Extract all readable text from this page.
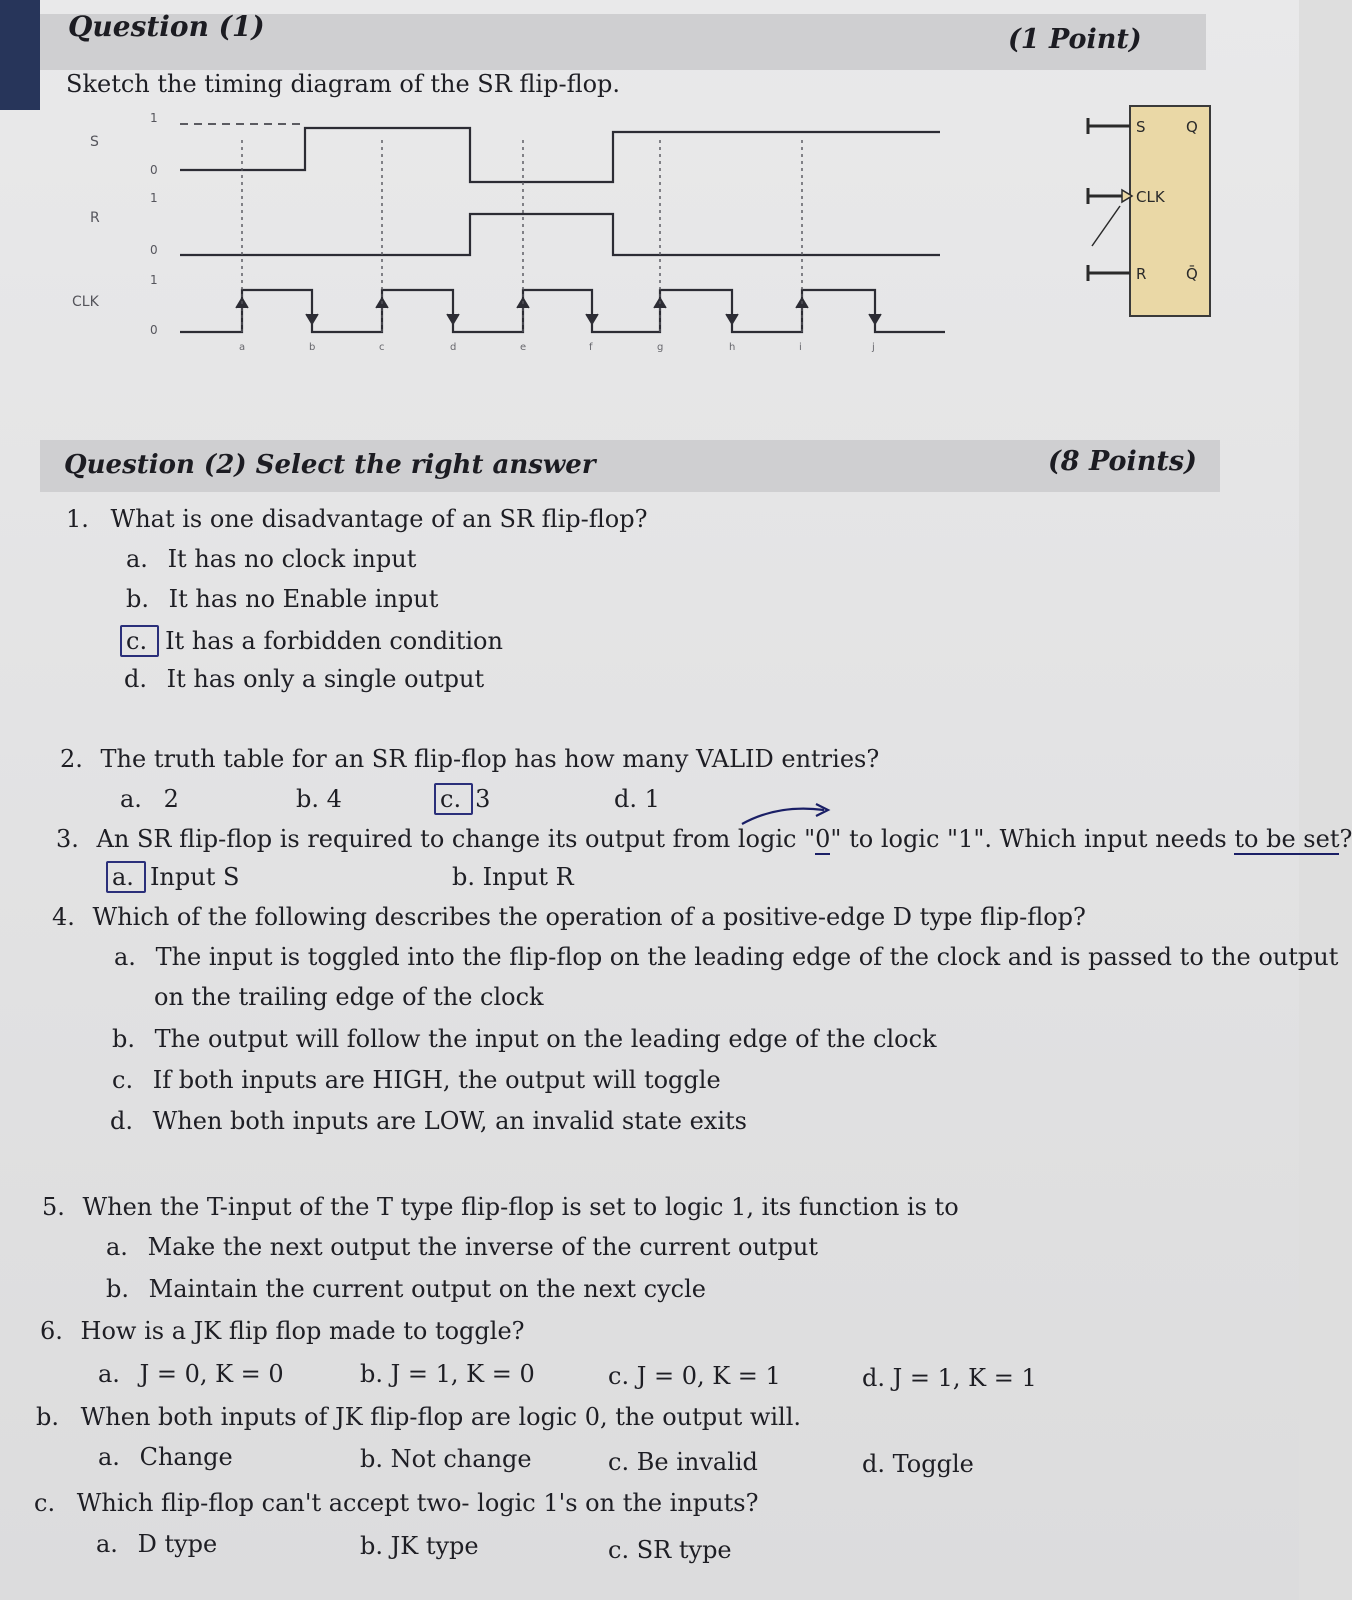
Question (1)	(1 Point)
Sketch the timing diagram of the SR flip-flop.
S
R
CLK
1
0
1
0
1
0
a	b	c	d	e	f	g	h	i	j
S	Q
CLK
R	Q̄
Question (2) Select the right answer	(8 Points)
1. What is one disadvantage of an SR flip-flop?
a. It has no clock input
b. It has no Enable input
c. It has a forbidden condition
d. It has only a single output
2. The truth table for an SR flip-flop has how many VALID entries?
a. 2	b. 4	c. 3	d. 1
3. An SR flip-flop is required to change its output from logic "0" to logic "1". Which input needs to be set?
a. Input S	b. Input R
4. Which of the following describes the operation of a positive-edge D type flip-flop?
a. The input is toggled into the flip-flop on the leading edge of the clock and is passed to the output
on the trailing edge of the clock
b. The output will follow the input on the leading edge of the clock
c. If both inputs are HIGH, the output will toggle
d. When both inputs are LOW, an invalid state exits
5. When the T-input of the T type flip-flop is set to logic 1, its function is to
a. Make the next output the inverse of the current output
b. Maintain the current output on the next cycle
6. How is a JK flip flop made to toggle?
a. J = 0, K = 0	b. J = 1, K = 0	c. J = 0, K = 1	d. J = 1, K = 1
b. When both inputs of JK flip-flop are logic 0, the output will.
a. Change	b. Not change	c. Be invalid	d. Toggle
c. Which flip-flop can't accept two- logic 1's on the inputs?
a. D type	b. JK type	c. SR type
